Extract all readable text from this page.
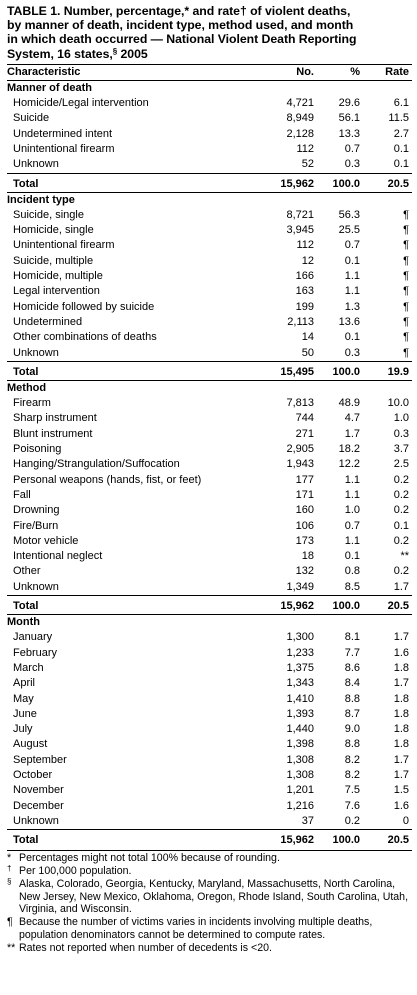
TABLE 1. Number, percentage,* and rate† of violent deaths,
by manner of death, incident type, method used, and month
in which death occurred — National Violent Death Reporting
System, 16 states,§ 2005
Characteristic	No.	%	Rate
Manner of death
Homicide/Legal intervention	4,721	29.6	6.1
Suicide	8,949	56.1	11.5
Undetermined intent	2,128	13.3	2.7
Unintentional firearm	112	0.7	0.1
Unknown	52	0.3	0.1
Total	15,962	100.0	20.5
Incident type
Suicide, single	8,721	56.3	¶
Homicide, single	3,945	25.5	¶
Unintentional firearm	112	0.7	¶
Suicide, multiple	12	0.1	¶
Homicide, multiple	166	1.1	¶
Legal intervention	163	1.1	¶
Homicide followed by suicide	199	1.3	¶
Undetermined	2,113	13.6	¶
Other combinations of deaths	14	0.1	¶
Unknown	50	0.3	¶
Total	15,495	100.0	19.9
Method
Firearm	7,813	48.9	10.0
Sharp instrument	744	4.7	1.0
Blunt instrument	271	1.7	0.3
Poisoning	2,905	18.2	3.7
Hanging/Strangulation/Suffocation	1,943	12.2	2.5
Personal weapons (hands, fist, or feet)	177	1.1	0.2
Fall	171	1.1	0.2
Drowning	160	1.0	0.2
Fire/Burn	106	0.7	0.1
Motor vehicle	173	1.1	0.2
Intentional neglect	18	0.1	**
Other	132	0.8	0.2
Unknown	1,349	8.5	1.7
Total	15,962	100.0	20.5
Month
January	1,300	8.1	1.7
February	1,233	7.7	1.6
March	1,375	8.6	1.8
April	1,343	8.4	1.7
May	1,410	8.8	1.8
June	1,393	8.7	1.8
July	1,440	9.0	1.8
August	1,398	8.8	1.8
September	1,308	8.2	1.7
October	1,308	8.2	1.7
November	1,201	7.5	1.5
December	1,216	7.6	1.6
Unknown	37	0.2	0
Total	15,962	100.0	20.5
* Percentages might not total 100% because of rounding.
† Per 100,000 population.
§ Alaska, Colorado, Georgia, Kentucky, Maryland, Massachusetts, North Carolina, New Jersey, New Mexico, Oklahoma, Oregon, Rhode Island, South Carolina, Utah, Virginia, and Wisconsin.
¶ Because the number of victims varies in incidents involving multiple deaths, population denominators cannot be determined to compute rates.
** Rates not reported when number of decedents is <20.
